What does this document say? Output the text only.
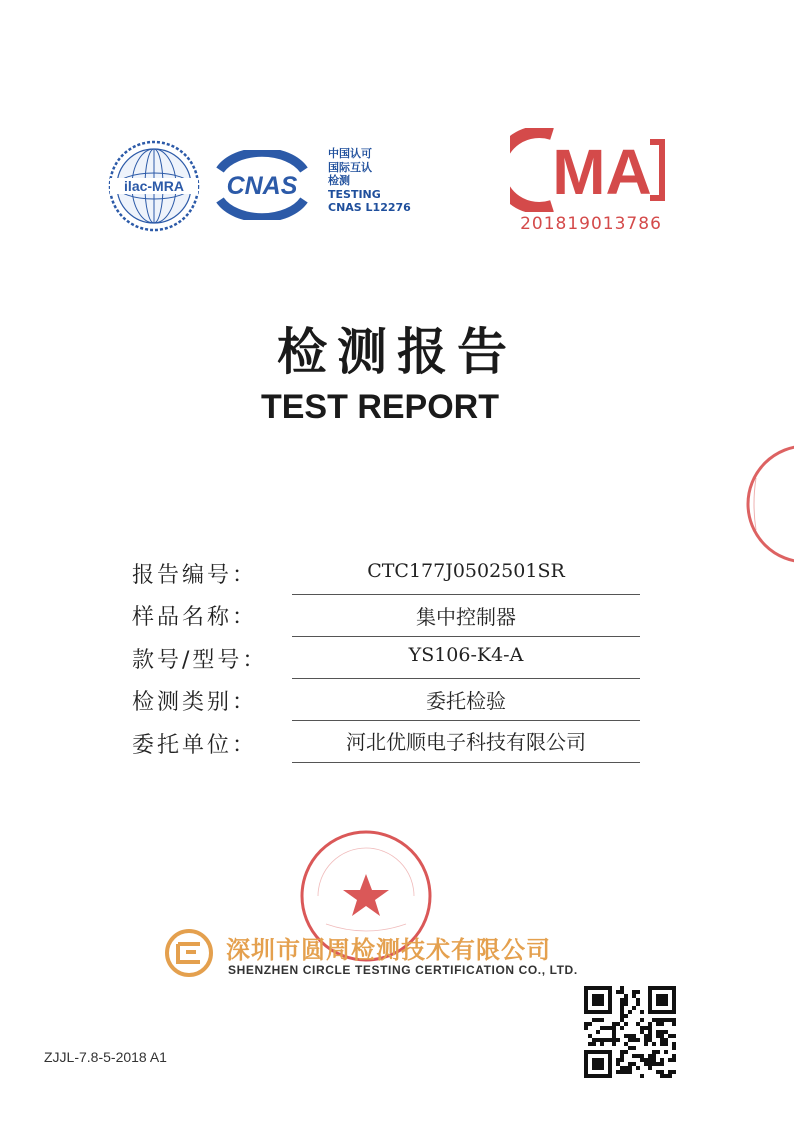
ilac-MRA CNAS
中国认可
国际互认
检测
TESTING
CNAS L12276 MA
201819013786
检测报告
TEST REPORT
报告编号：	CTC177J0502501SR
样品名称：	集中控制器
款号/型号：	YS106-K4-A
检测类别：	委托检验
委托单位：	河北优顺电子科技有限公司
深圳市圆周检测技术有限公司
SHENZHEN CIRCLE TESTING CERTIFICATION CO., LTD.
ZJJL-7.8-5-2018 A1
